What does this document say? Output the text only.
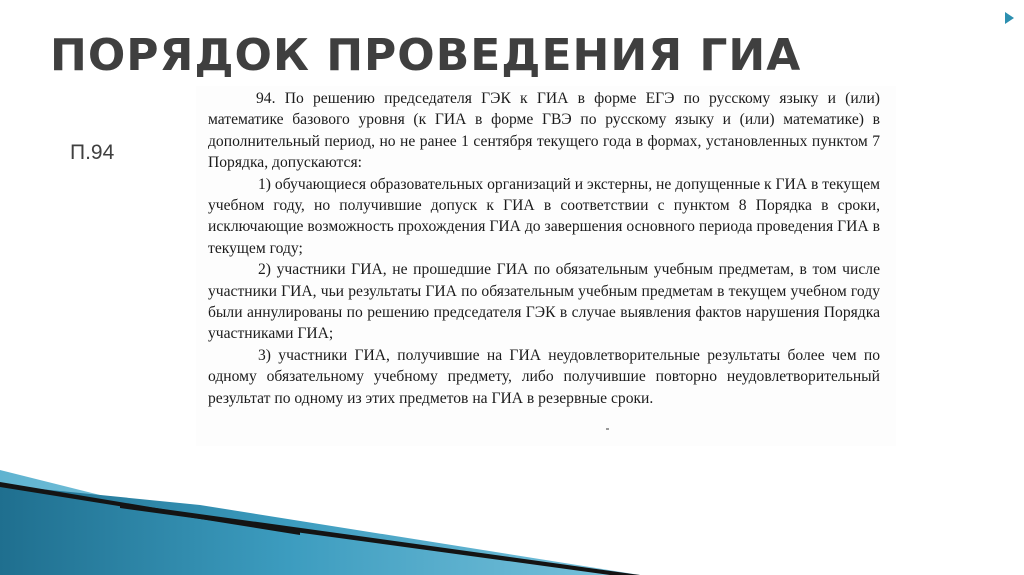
ПОРЯДОК ПРОВЕДЕНИЯ ГИА
П.94

94. По решению председателя ГЭК к ГИА в форме ЕГЭ по русскому языку и (или) математике базового уровня (к ГИА в форме ГВЭ по русскому языку и (или) математике) в дополнительный период, но не ранее 1 сентября текущего года в формах, установленных пунктом 7 Порядка, допускаются:

1) обучающиеся образовательных организаций и экстерны, не допущенные к ГИА в текущем учебном году, но получившие допуск к ГИА в соответствии с пунктом 8 Порядка в сроки, исключающие возможность прохождения ГИА до завершения основного периода проведения ГИА в текущем году;

2) участники ГИА, не прошедшие ГИА по обязательным учебным предметам, в том числе участники ГИА, чьи результаты ГИА по обязательным учебным предметам в текущем учебном году были аннулированы по решению председателя ГЭК в случае выявления фактов нарушения Порядка участниками ГИА;

3) участники ГИА, получившие на ГИА неудовлетворительные результаты более чем по одному обязательному учебному предмету, либо получившие повторно неудовлетворительный результат по одному из этих предметов на ГИА в резервные сроки.
